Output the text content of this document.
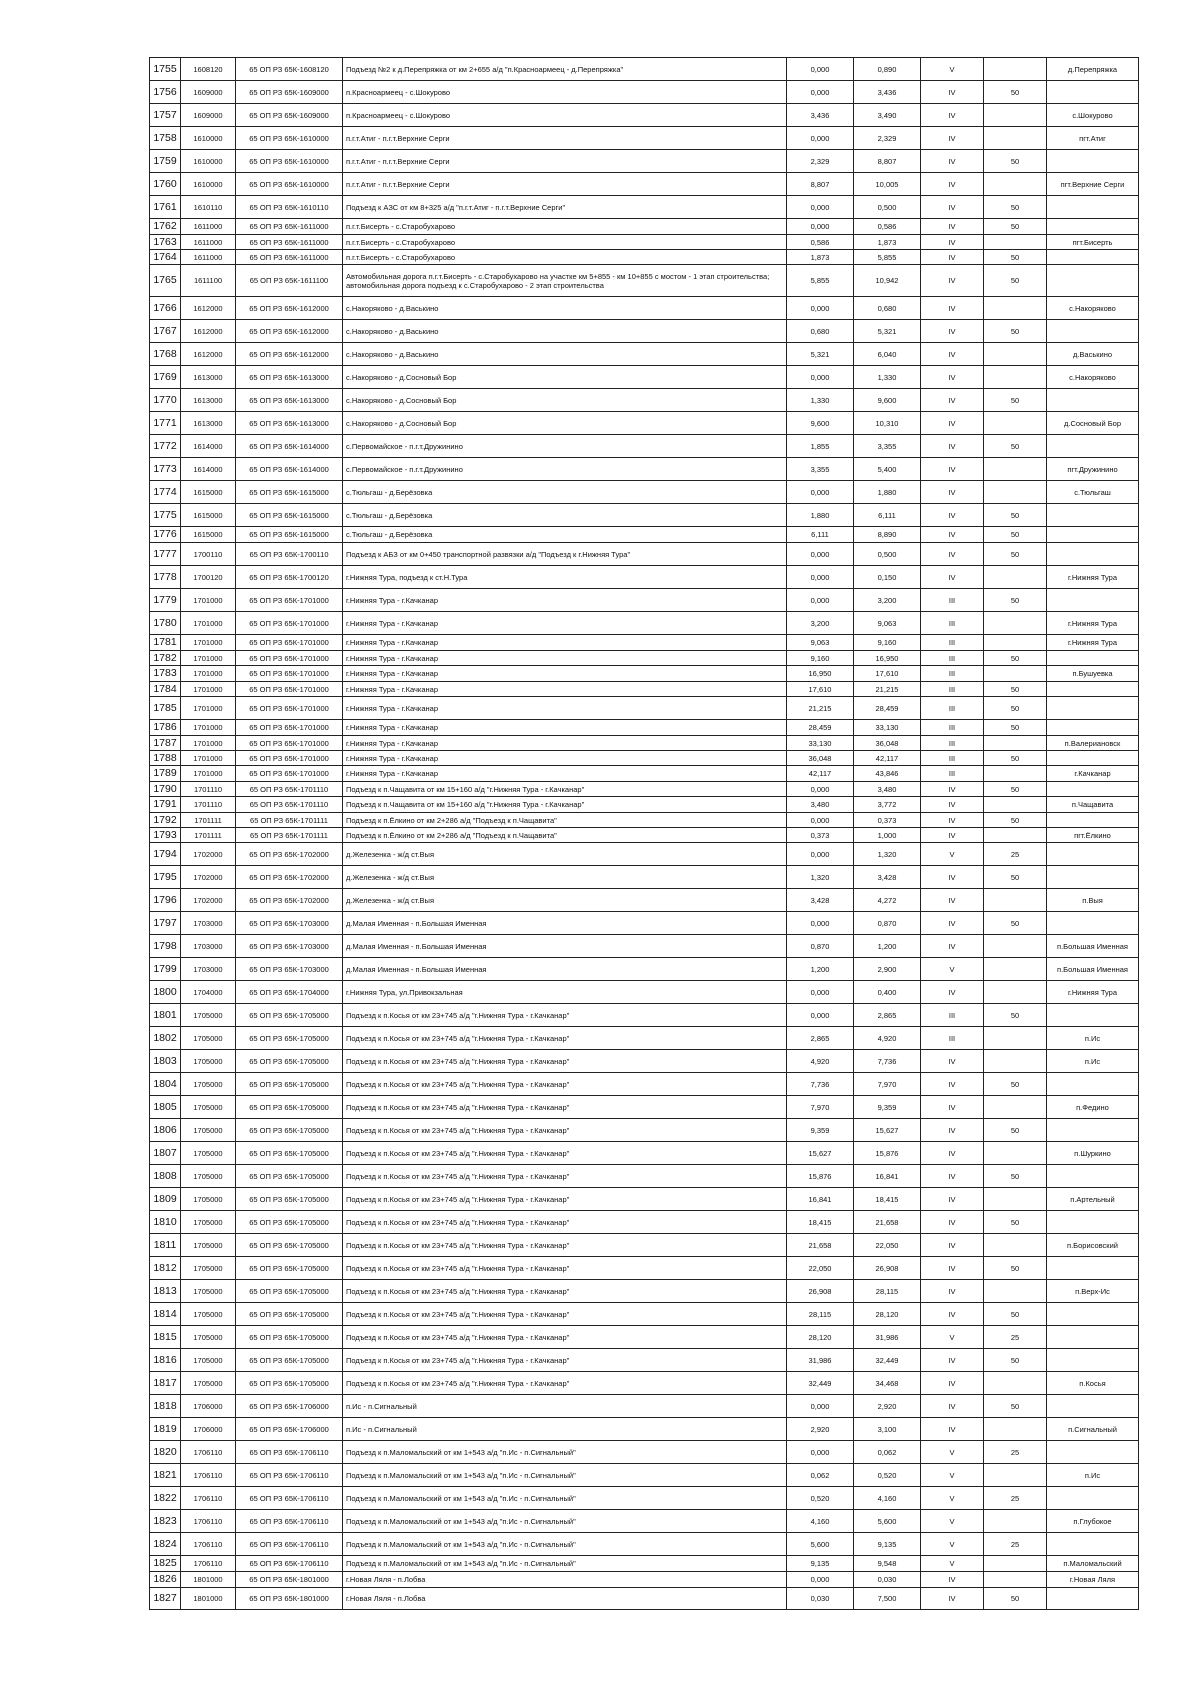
1755	1608120	65 ОП РЗ 65К-1608120	Подъезд №2 к д.Перепряжка от км 2+655 а/д "п.Красноармеец - д.Перепряжка"	0,000	0,890	V		д.Перепряжка
1756	1609000	65 ОП РЗ 65К-1609000	п.Красноармеец - с.Шокурово	0,000	3,436	IV	50	
1757	1609000	65 ОП РЗ 65К-1609000	п.Красноармеец - с.Шокурово	3,436	3,490	IV		с.Шокурово
1758	1610000	65 ОП РЗ 65К-1610000	п.г.т.Атиг - п.г.т.Верхние Серги	0,000	2,329	IV		пгт.Атиг
1759	1610000	65 ОП РЗ 65К-1610000	п.г.т.Атиг - п.г.т.Верхние Серги	2,329	8,807	IV	50	
1760	1610000	65 ОП РЗ 65К-1610000	п.г.т.Атиг - п.г.т.Верхние Серги	8,807	10,005	IV		пгт.Верхние Серги
1761	1610110	65 ОП РЗ 65К-1610110	Подъезд к АЗС от км 8+325 а/д "п.г.т.Атиг - п.г.т.Верхние Серги"	0,000	0,500	IV	50	
1762	1611000	65 ОП РЗ 65К-1611000	п.г.т.Бисерть - с.Старобухарово	0,000	0,586	IV	50	
1763	1611000	65 ОП РЗ 65К-1611000	п.г.т.Бисерть - с.Старобухарово	0,586	1,873	IV		пгт.Бисерть
1764	1611000	65 ОП РЗ 65К-1611000	п.г.т.Бисерть - с.Старобухарово	1,873	5,855	IV	50	
1765	1611100	65 ОП РЗ 65К-1611100	Автомобильная дорога п.г.т.Бисерть - с.Старобухарово на участке км 5+855 - км 10+855 с мостом - 1 этап строительства; автомобильная дорога подъезд к с.Старобухарово - 2 этап строительства	5,855	10,942	IV	50	
1766	1612000	65 ОП РЗ 65К-1612000	с.Накоряково - д.Васькино	0,000	0,680	IV		с.Накоряково
1767	1612000	65 ОП РЗ 65К-1612000	с.Накоряково - д.Васькино	0,680	5,321	IV	50	
1768	1612000	65 ОП РЗ 65К-1612000	с.Накоряково - д.Васькино	5,321	6,040	IV		д.Васькино
1769	1613000	65 ОП РЗ 65К-1613000	с.Накоряково - д.Сосновый Бор	0,000	1,330	IV		с.Накоряково
1770	1613000	65 ОП РЗ 65К-1613000	с.Накоряково - д.Сосновый Бор	1,330	9,600	IV	50	
1771	1613000	65 ОП РЗ 65К-1613000	с.Накоряково - д.Сосновый Бор	9,600	10,310	IV		д.Сосновый Бор
1772	1614000	65 ОП РЗ 65К-1614000	с.Первомайское - п.г.т.Дружинино	1,855	3,355	IV	50	
1773	1614000	65 ОП РЗ 65К-1614000	с.Первомайское - п.г.т.Дружинино	3,355	5,400	IV		пгт.Дружинино
1774	1615000	65 ОП РЗ 65К-1615000	с.Тюльгаш - д.Берёзовка	0,000	1,880	IV		с.Тюльгаш
1775	1615000	65 ОП РЗ 65К-1615000	с.Тюльгаш - д.Берёзовка	1,880	6,111	IV	50	
1776	1615000	65 ОП РЗ 65К-1615000	с.Тюльгаш - д.Берёзовка	6,111	8,890	IV	50	
1777	1700110	65 ОП РЗ 65К-1700110	Подъезд к АБЗ от км 0+450 транспортной развязки а/д "Подъезд к г.Нижняя Тура"	0,000	0,500	IV	50	
1778	1700120	65 ОП РЗ 65К-1700120	г.Нижняя Тура, подъезд к ст.Н.Тура	0,000	0,150	IV		г.Нижняя Тура
1779	1701000	65 ОП РЗ 65К-1701000	г.Нижняя Тура - г.Качканар	0,000	3,200	III	50	
1780	1701000	65 ОП РЗ 65К-1701000	г.Нижняя Тура - г.Качканар	3,200	9,063	III		г.Нижняя Тура
1781	1701000	65 ОП РЗ 65К-1701000	г.Нижняя Тура - г.Качканар	9,063	9,160	III		г.Нижняя Тура
1782	1701000	65 ОП РЗ 65К-1701000	г.Нижняя Тура - г.Качканар	9,160	16,950	III	50	
1783	1701000	65 ОП РЗ 65К-1701000	г.Нижняя Тура - г.Качканар	16,950	17,610	III		п.Бушуевка
1784	1701000	65 ОП РЗ 65К-1701000	г.Нижняя Тура - г.Качканар	17,610	21,215	III	50	
1785	1701000	65 ОП РЗ 65К-1701000	г.Нижняя Тура - г.Качканар	21,215	28,459	III	50	
1786	1701000	65 ОП РЗ 65К-1701000	г.Нижняя Тура - г.Качканар	28,459	33,130	III	50	
1787	1701000	65 ОП РЗ 65К-1701000	г.Нижняя Тура - г.Качканар	33,130	36,048	III		п.Валериановск
1788	1701000	65 ОП РЗ 65К-1701000	г.Нижняя Тура - г.Качканар	36,048	42,117	III	50	
1789	1701000	65 ОП РЗ 65К-1701000	г.Нижняя Тура - г.Качканар	42,117	43,846	III		г.Качканар
1790	1701110	65 ОП РЗ 65К-1701110	Подъезд к п.Чащавита от км 15+160 а/д "г.Нижняя Тура - г.Качканар"	0,000	3,480	IV	50	
1791	1701110	65 ОП РЗ 65К-1701110	Подъезд к п.Чащавита от км 15+160 а/д "г.Нижняя Тура - г.Качканар"	3,480	3,772	IV		п.Чащавита
1792	1701111	65 ОП РЗ 65К-1701111	Подъезд к п.Ёлкино от км 2+286 а/д "Подъезд к п.Чащавита"	0,000	0,373	IV	50	
1793	1701111	65 ОП РЗ 65К-1701111	Подъезд к п.Ёлкино от км 2+286 а/д "Подъезд к п.Чащавита"	0,373	1,000	IV		пгт.Ёлкино
1794	1702000	65 ОП РЗ 65К-1702000	д.Железенка - ж/д ст.Выя	0,000	1,320	V	25	
1795	1702000	65 ОП РЗ 65К-1702000	д.Железенка - ж/д ст.Выя	1,320	3,428	IV	50	
1796	1702000	65 ОП РЗ 65К-1702000	д.Железенка - ж/д ст.Выя	3,428	4,272	IV		п.Выя
1797	1703000	65 ОП РЗ 65К-1703000	д.Малая Именная - п.Большая Именная	0,000	0,870	IV	50	
1798	1703000	65 ОП РЗ 65К-1703000	д.Малая Именная - п.Большая Именная	0,870	1,200	IV		п.Большая Именная
1799	1703000	65 ОП РЗ 65К-1703000	д.Малая Именная - п.Большая Именная	1,200	2,900	V		п.Большая Именная
1800	1704000	65 ОП РЗ 65К-1704000	г.Нижняя Тура, ул.Привокзальная	0,000	0,400	IV		г.Нижняя Тура
1801	1705000	65 ОП РЗ 65К-1705000	Подъезд к п.Косья от км 23+745 а/д "г.Нижняя Тура - г.Качканар"	0,000	2,865	III	50	
1802	1705000	65 ОП РЗ 65К-1705000	Подъезд к п.Косья от км 23+745 а/д "г.Нижняя Тура - г.Качканар"	2,865	4,920	III		п.Ис
1803	1705000	65 ОП РЗ 65К-1705000	Подъезд к п.Косья от км 23+745 а/д "г.Нижняя Тура - г.Качканар"	4,920	7,736	IV		п.Ис
1804	1705000	65 ОП РЗ 65К-1705000	Подъезд к п.Косья от км 23+745 а/д "г.Нижняя Тура - г.Качканар"	7,736	7,970	IV	50	
1805	1705000	65 ОП РЗ 65К-1705000	Подъезд к п.Косья от км 23+745 а/д "г.Нижняя Тура - г.Качканар"	7,970	9,359	IV		п.Федино
1806	1705000	65 ОП РЗ 65К-1705000	Подъезд к п.Косья от км 23+745 а/д "г.Нижняя Тура - г.Качканар"	9,359	15,627	IV	50	
1807	1705000	65 ОП РЗ 65К-1705000	Подъезд к п.Косья от км 23+745 а/д "г.Нижняя Тура - г.Качканар"	15,627	15,876	IV		п.Шуркино
1808	1705000	65 ОП РЗ 65К-1705000	Подъезд к п.Косья от км 23+745 а/д "г.Нижняя Тура - г.Качканар"	15,876	16,841	IV	50	
1809	1705000	65 ОП РЗ 65К-1705000	Подъезд к п.Косья от км 23+745 а/д "г.Нижняя Тура - г.Качканар"	16,841	18,415	IV		п.Артельный
1810	1705000	65 ОП РЗ 65К-1705000	Подъезд к п.Косья от км 23+745 а/д "г.Нижняя Тура - г.Качканар"	18,415	21,658	IV	50	
1811	1705000	65 ОП РЗ 65К-1705000	Подъезд к п.Косья от км 23+745 а/д "г.Нижняя Тура - г.Качканар"	21,658	22,050	IV		п.Борисовский
1812	1705000	65 ОП РЗ 65К-1705000	Подъезд к п.Косья от км 23+745 а/д "г.Нижняя Тура - г.Качканар"	22,050	26,908	IV	50	
1813	1705000	65 ОП РЗ 65К-1705000	Подъезд к п.Косья от км 23+745 а/д "г.Нижняя Тура - г.Качканар"	26,908	28,115	IV		п.Верх-Ис
1814	1705000	65 ОП РЗ 65К-1705000	Подъезд к п.Косья от км 23+745 а/д "г.Нижняя Тура - г.Качканар"	28,115	28,120	IV	50	
1815	1705000	65 ОП РЗ 65К-1705000	Подъезд к п.Косья от км 23+745 а/д "г.Нижняя Тура - г.Качканар"	28,120	31,986	V	25	
1816	1705000	65 ОП РЗ 65К-1705000	Подъезд к п.Косья от км 23+745 а/д "г.Нижняя Тура - г.Качканар"	31,986	32,449	IV	50	
1817	1705000	65 ОП РЗ 65К-1705000	Подъезд к п.Косья от км 23+745 а/д "г.Нижняя Тура - г.Качканар"	32,449	34,468	IV		п.Косья
1818	1706000	65 ОП РЗ 65К-1706000	п.Ис - п.Сигнальный	0,000	2,920	IV	50	
1819	1706000	65 ОП РЗ 65К-1706000	п.Ис - п.Сигнальный	2,920	3,100	IV		п.Сигнальный
1820	1706110	65 ОП РЗ 65К-1706110	Подъезд к п.Маломальский от км 1+543 а/д "п.Ис - п.Сигнальный"	0,000	0,062	V	25	
1821	1706110	65 ОП РЗ 65К-1706110	Подъезд к п.Маломальский от км 1+543 а/д "п.Ис - п.Сигнальный"	0,062	0,520	V		п.Ис
1822	1706110	65 ОП РЗ 65К-1706110	Подъезд к п.Маломальский от км 1+543 а/д "п.Ис - п.Сигнальный"	0,520	4,160	V	25	
1823	1706110	65 ОП РЗ 65К-1706110	Подъезд к п.Маломальский от км 1+543 а/д "п.Ис - п.Сигнальный"	4,160	5,600	V		п.Глубокое
1824	1706110	65 ОП РЗ 65К-1706110	Подъезд к п.Маломальский от км 1+543 а/д "п.Ис - п.Сигнальный"	5,600	9,135	V	25	
1825	1706110	65 ОП РЗ 65К-1706110	Подъезд к п.Маломальский от км 1+543 а/д "п.Ис - п.Сигнальный"	9,135	9,548	V		п.Маломальский
1826	1801000	65 ОП РЗ 65К-1801000	г.Новая Ляля - п.Лобва	0,000	0,030	IV		г.Новая Ляля
1827	1801000	65 ОП РЗ 65К-1801000	г.Новая Ляля - п.Лобва	0,030	7,500	IV	50	
